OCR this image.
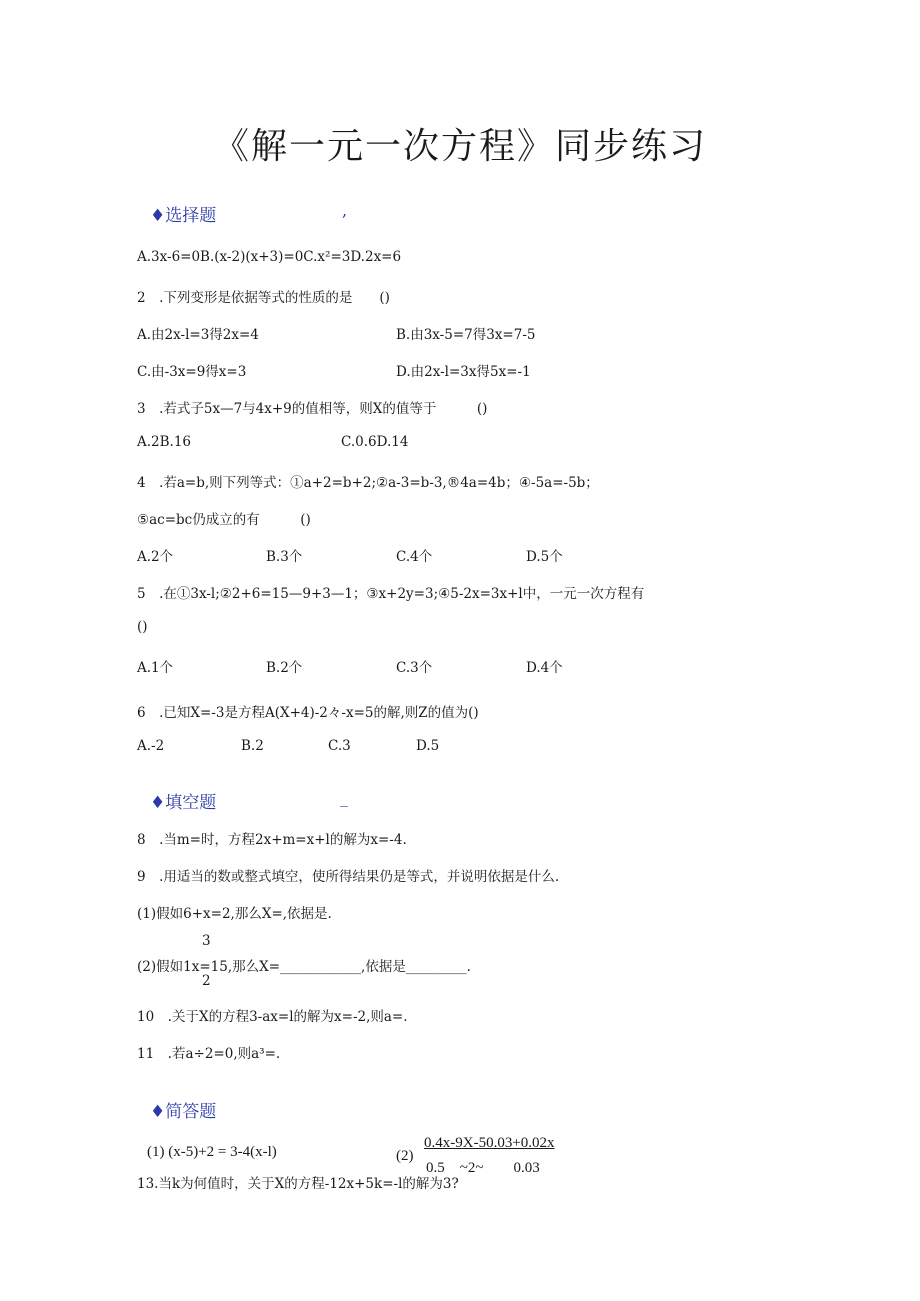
《解一元一次方程》同步练习
♦选择题	,
A.3x-6=0B.(x-2)(x+3)=0C.x²=3D.2x=6
2　.下列变形是依据等式的性质的是　　()
A.由2x-l=3得2x=4	B.由3x-5=7得3x=7-5
C.由-3x=9得x=3	D.由2x-l=3x得5x=-1
3　.若式子5x—7与4x+9的值相等，则X的值等于　　　()
A.2B.16	C.0.6D.14
4　.若a=b,则下列等式：①a+2=b+2;②a-3=b-3,®4a=4b；④-5a=-5b；
⑤ac=bc仍成立的有　　　()
A.2个	B.3个	C.4个	D.5个
5　.在①3x-l;②2+6=15—9+3—1；③x+2y=3;④5-2x=3x+l中，一元一次方程有
()
A.1个	B.2个	C.3个	D.4个
6　.已知X=-3是方程A(X+4)-2々-x=5的解,则Z的值为()
A.-2	B.2	C.3	D.5
♦填空题	_
8　.当m=时，方程2x+m=x+l的解为x=-4.
9　.用适当的数或整式填空，使所得结果仍是等式，并说明依据是什么.
(1)假如6+x=2,那么X=,依据是.
3
(2)假如1x=15,那么X=____________,依据是_________.
2
10　.关于X的方程3-ax=l的解为x=-2,则a=.
11　.若a÷2=0,则a³=.
♦简答题
(1) (x-5)+2 = 3-4(x-l)	(2)
0.4x-9X-50.03+0.02x
0.5　~2~　　0.03
13.当k为何值时，关于X的方程-12x+5k=-l的解为3?
